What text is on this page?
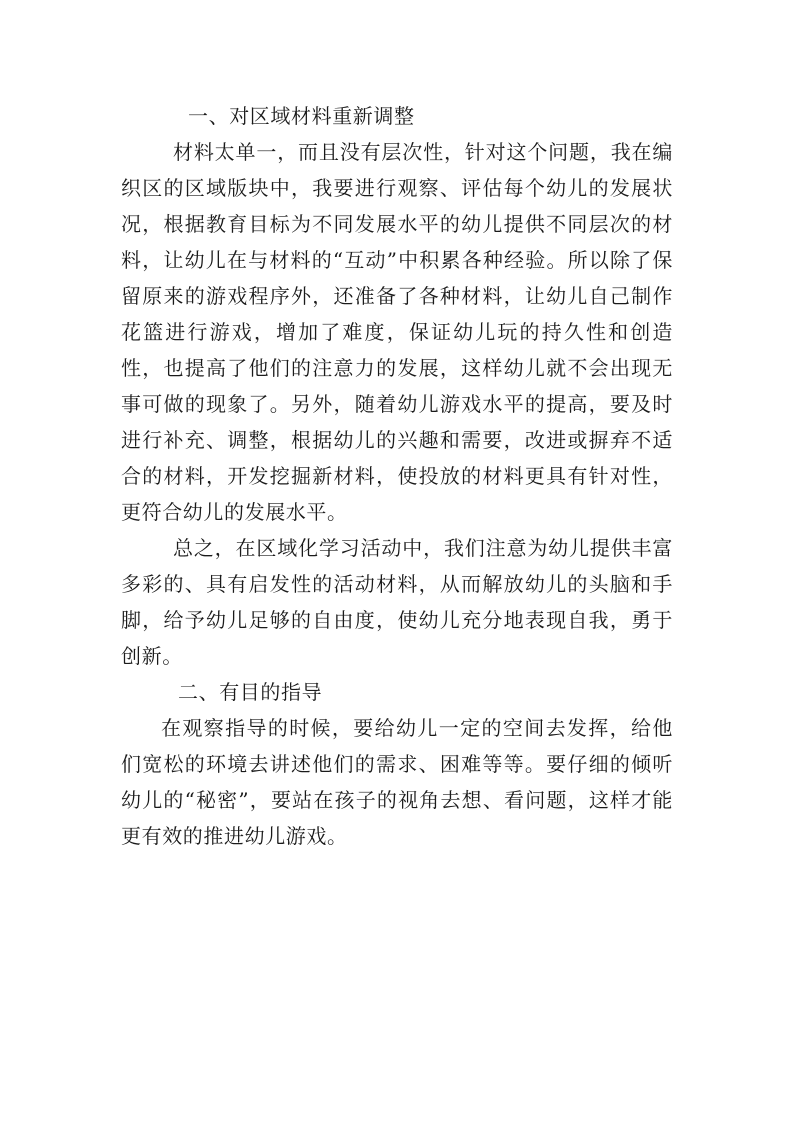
一、对区域材料重新调整

材料太单一，而且没有层次性，针对这个问题，我在编织区的区域版块中，我要进行观察、评估每个幼儿的发展状况，根据教育目标为不同发展水平的幼儿提供不同层次的材料，让幼儿在与材料的“互动”中积累各种经验。所以除了保留原来的游戏程序外，还准备了各种材料，让幼儿自己制作花篮进行游戏，增加了难度，保证幼儿玩的持久性和创造性，也提高了他们的注意力的发展，这样幼儿就不会出现无事可做的现象了。另外，随着幼儿游戏水平的提高，要及时进行补充、调整，根据幼儿的兴趣和需要，改进或摒弃不适合的材料，开发挖掘新材料，使投放的材料更具有针对性，更符合幼儿的发展水平。

总之，在区域化学习活动中，我们注意为幼儿提供丰富多彩的、具有启发性的活动材料，从而解放幼儿的头脑和手脚，给予幼儿足够的自由度，使幼儿充分地表现自我，勇于创新。

二、有目的指导

在观察指导的时候，要给幼儿一定的空间去发挥，给他们宽松的环境去讲述他们的需求、困难等等。要仔细的倾听幼儿的“秘密”，要站在孩子的视角去想、看问题，这样才能更有效的推进幼儿游戏。
